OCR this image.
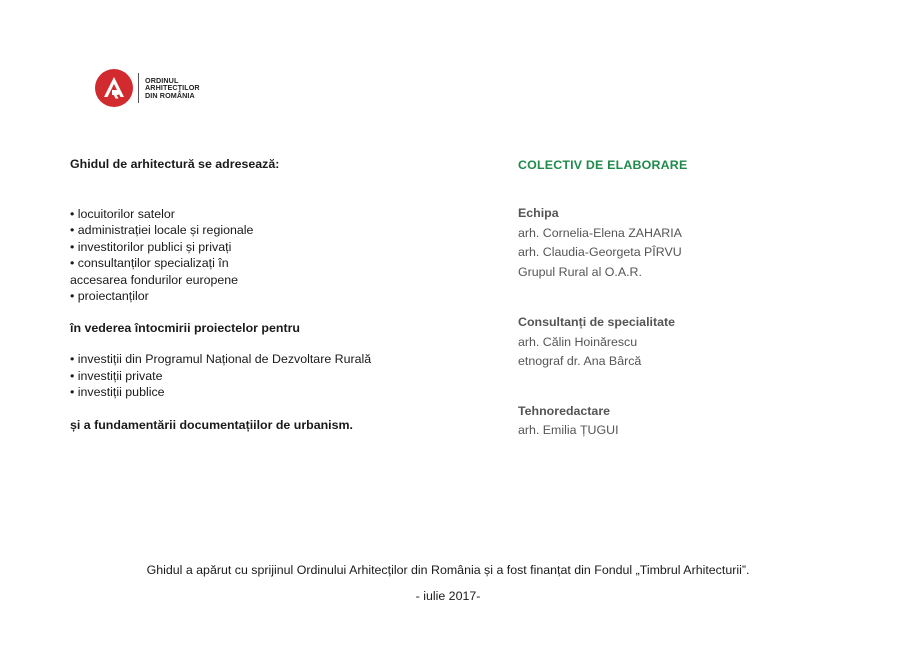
ORDINUL
ARHITECȚILOR
DIN ROMÂNIA
Ghidul de arhitectură se adresează:
• locuitorilor satelor
• administrației locale și regionale
• investitorilor publici și privați
• consultanților specializați în
accesarea fondurilor europene
• proiectanților
în vederea întocmirii proiectelor pentru
• investiții din Programul Național de Dezvoltare Rurală
• investiții private
• investiții publice
și a fundamentării documentațiilor de urbanism.
COLECTIV DE ELABORARE
Echipa
arh. Cornelia-Elena ZAHARIA
arh. Claudia-Georgeta PÎRVU
Grupul Rural al O.A.R.
Consultanți de specialitate
arh. Călin Hoinărescu
etnograf dr. Ana Bârcă
Tehnoredactare
arh. Emilia ȚUGUI
Ghidul a apărut cu sprijinul Ordinului Arhitecților din România și a fost finanțat din Fondul „Timbrul Arhitecturii”.
- iulie 2017-
